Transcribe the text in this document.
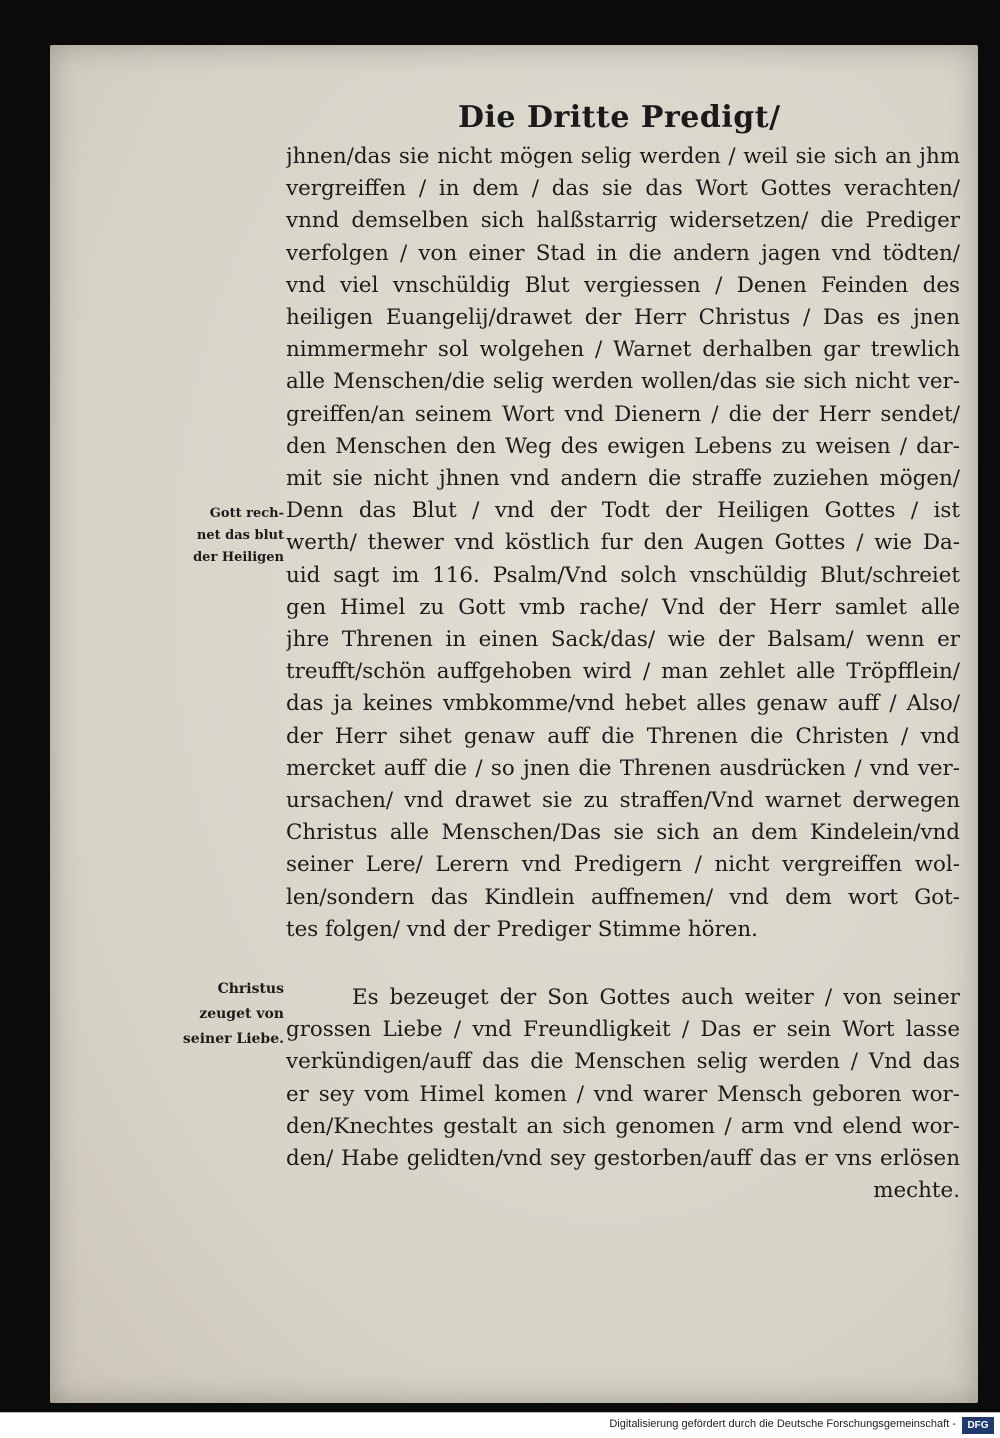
Die Dritte Predigt/
jhnen/das sie nicht mögen selig werden / weil sie sich an jhm
vergreiffen / in dem / das sie das Wort Gottes verachten/
vnnd demselben sich halßstarrig widersetzen/ die Prediger
verfolgen / von einer Stad in die andern jagen vnd tödten/
vnd viel vnschüldig Blut vergiessen / Denen Feinden des
heiligen Euangelij/drawet der Herr Christus / Das es jnen
nimmermehr sol wolgehen / Warnet derhalben gar trewlich
alle Menschen/die selig werden wollen/das sie sich nicht ver-
greiffen/an seinem Wort vnd Dienern / die der Herr sendet/
den Menschen den Weg des ewigen Lebens zu weisen / dar-
mit sie nicht jhnen vnd andern die straffe zuziehen mögen/
Denn das Blut / vnd der Todt der Heiligen Gottes / ist
werth/ thewer vnd köstlich fur den Augen Gottes / wie Da-
uid sagt im 116. Psalm/Vnd solch vnschüldig Blut/schreiet
gen Himel zu Gott vmb rache/ Vnd der Herr samlet alle
jhre Threnen in einen Sack/das/ wie der Balsam/ wenn er
treufft/schön auffgehoben wird / man zehlet alle Tröpfflein/
das ja keines vmbkomme/vnd hebet alles genaw auff / Also/
der Herr sihet genaw auff die Threnen die Christen / vnd
mercket auff die / so jnen die Threnen ausdrücken / vnd ver-
ursachen/ vnd drawet sie zu straffen/Vnd warnet derwegen
Christus alle Menschen/Das sie sich an dem Kindelein/vnd
seiner Lere/ Lerern vnd Predigern / nicht vergreiffen wol-
len/sondern das Kindlein auffnemen/ vnd dem wort Got-
tes folgen/ vnd der Prediger Stimme hören.
Es bezeuget der Son Gottes auch weiter / von seiner
grossen Liebe / vnd Freundligkeit / Das er sein Wort lasse
verkündigen/auff das die Menschen selig werden / Vnd das
er sey vom Himel komen / vnd warer Mensch geboren wor-
den/Knechtes gestalt an sich genomen / arm vnd elend wor-
den/ Habe gelidten/vnd sey gestorben/auff das er vns erlösen
mechte.
Gott rech-
net das blut
der Heiligen
Christus
zeuget von
seiner Liebe.
Digitalisierung gefördert durch die Deutsche Forschungsgemeinschaft -	DFG
